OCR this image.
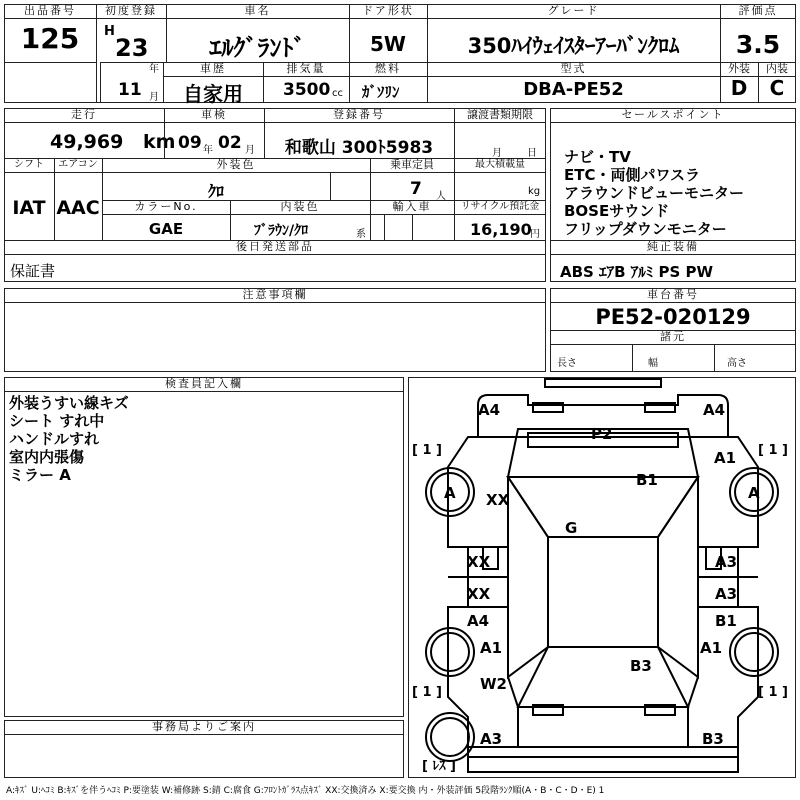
出品番号
125
初度登録
H
23
年
11 月
車名
ｴﾙｸﾞﾗﾝﾄﾞ
ドア形状
5W
グレード
350ﾊｲｳｪｲｽﾀｰｱｰﾊﾞﾝｸﾛﾑ
評価点
3.5
外装	内装
D	C
車歴
自家用
排気量
3500 cc
燃料
ｶﾞｿﾘﾝ
型式
DBA-PE52
走行
49,969 km
車検
09 年 02 月
登録番号
和歌山 300ﾄ5983
譲渡書類期限
月	日
シフト
IAT
エアコン
AAC
外装色
ｸﾛ
乗車定員
7 人
最大積載量
kg
カラーNo.
GAE
内装色
ﾌﾞﾗｳﾝ/ｸﾛ	系
輸入車	リサイクル預託金
16,190
円
後日発送部品
保証書
セールスポイント
ナビ・TV
ETC・両側パワスラ
アラウンドビューモニター
BOSEサウンド
フリップダウンモニター
純正装備
ABS ｴｱB ｱﾙﾐ PS PW
注意事項欄	車台番号
PE52-020129
諸元
長さ	幅	高さ
検査員記入欄
外装うすい線キズ
シート すれ中
ハンドルすれ
室内内張傷
ミラー A
事務局よりご案内
A4	A4
P2
A1
B1
A	A
XX
G
XX	A3
XX	A3
A4	B1
A1	A1
B3
W2
A3	B3
[ 1 ]	[ 1 ]
[ 1 ]	[ 1 ]
[ ﾚｽ ]
A:ｷｽﾞ U:ﾍｺﾐ B:ｷｽﾞを伴うﾍｺﾐ P:要塗装 W:補修跡 S:錆 C:腐食 G:ﾌﾛﾝﾄｶﾞﾗｽ点ｷｽﾞ XX:交換済み X:要交換 内・外装評価 5段階ﾗﾝｸ順(A・B・C・D・E) 1
